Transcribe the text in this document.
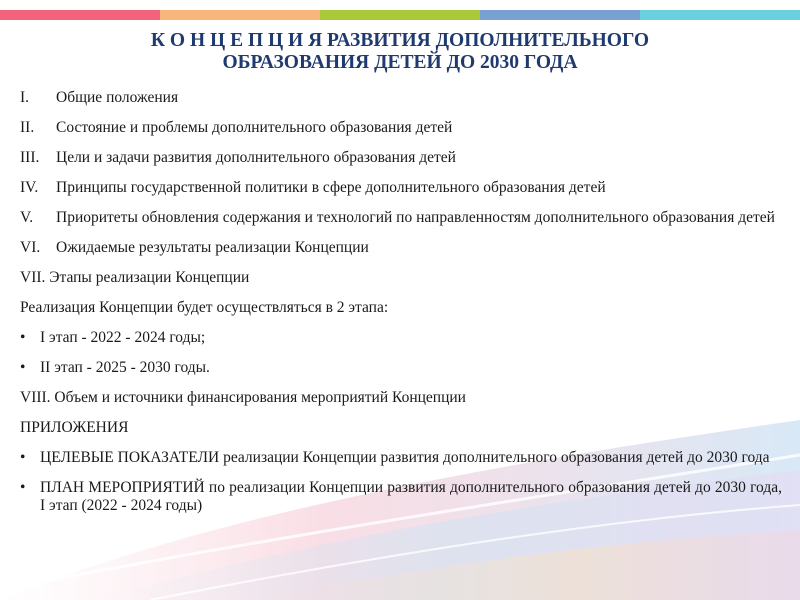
К О Н Ц Е П Ц И Я РАЗВИТИЯ ДОПОЛНИТЕЛЬНОГО
ОБРАЗОВАНИЯ ДЕТЕЙ ДО 2030 ГОДА
I.	Общие положения
II.	Состояние и проблемы дополнительного образования детей
III.	Цели и задачи развития дополнительного образования детей
IV.	Принципы государственной политики в сфере дополнительного образования детей
V.	Приоритеты обновления содержания и технологий по направленностям дополнительного образования детей
VI.	Ожидаемые результаты реализации Концепции
VII. Этапы реализации Концепции
Реализация Концепции будет осуществляться в 2 этапа:
• I этап - 2022 - 2024 годы;
• II этап - 2025 - 2030 годы.
VIII. Объем и источники финансирования мероприятий Концепции
ПРИЛОЖЕНИЯ
• ЦЕЛЕВЫЕ ПОКАЗАТЕЛИ реализации Концепции развития дополнительного образования детей до 2030 года
• ПЛАН МЕРОПРИЯТИЙ по реализации Концепции развития дополнительного образования детей до 2030 года, I этап (2022 - 2024 годы)
